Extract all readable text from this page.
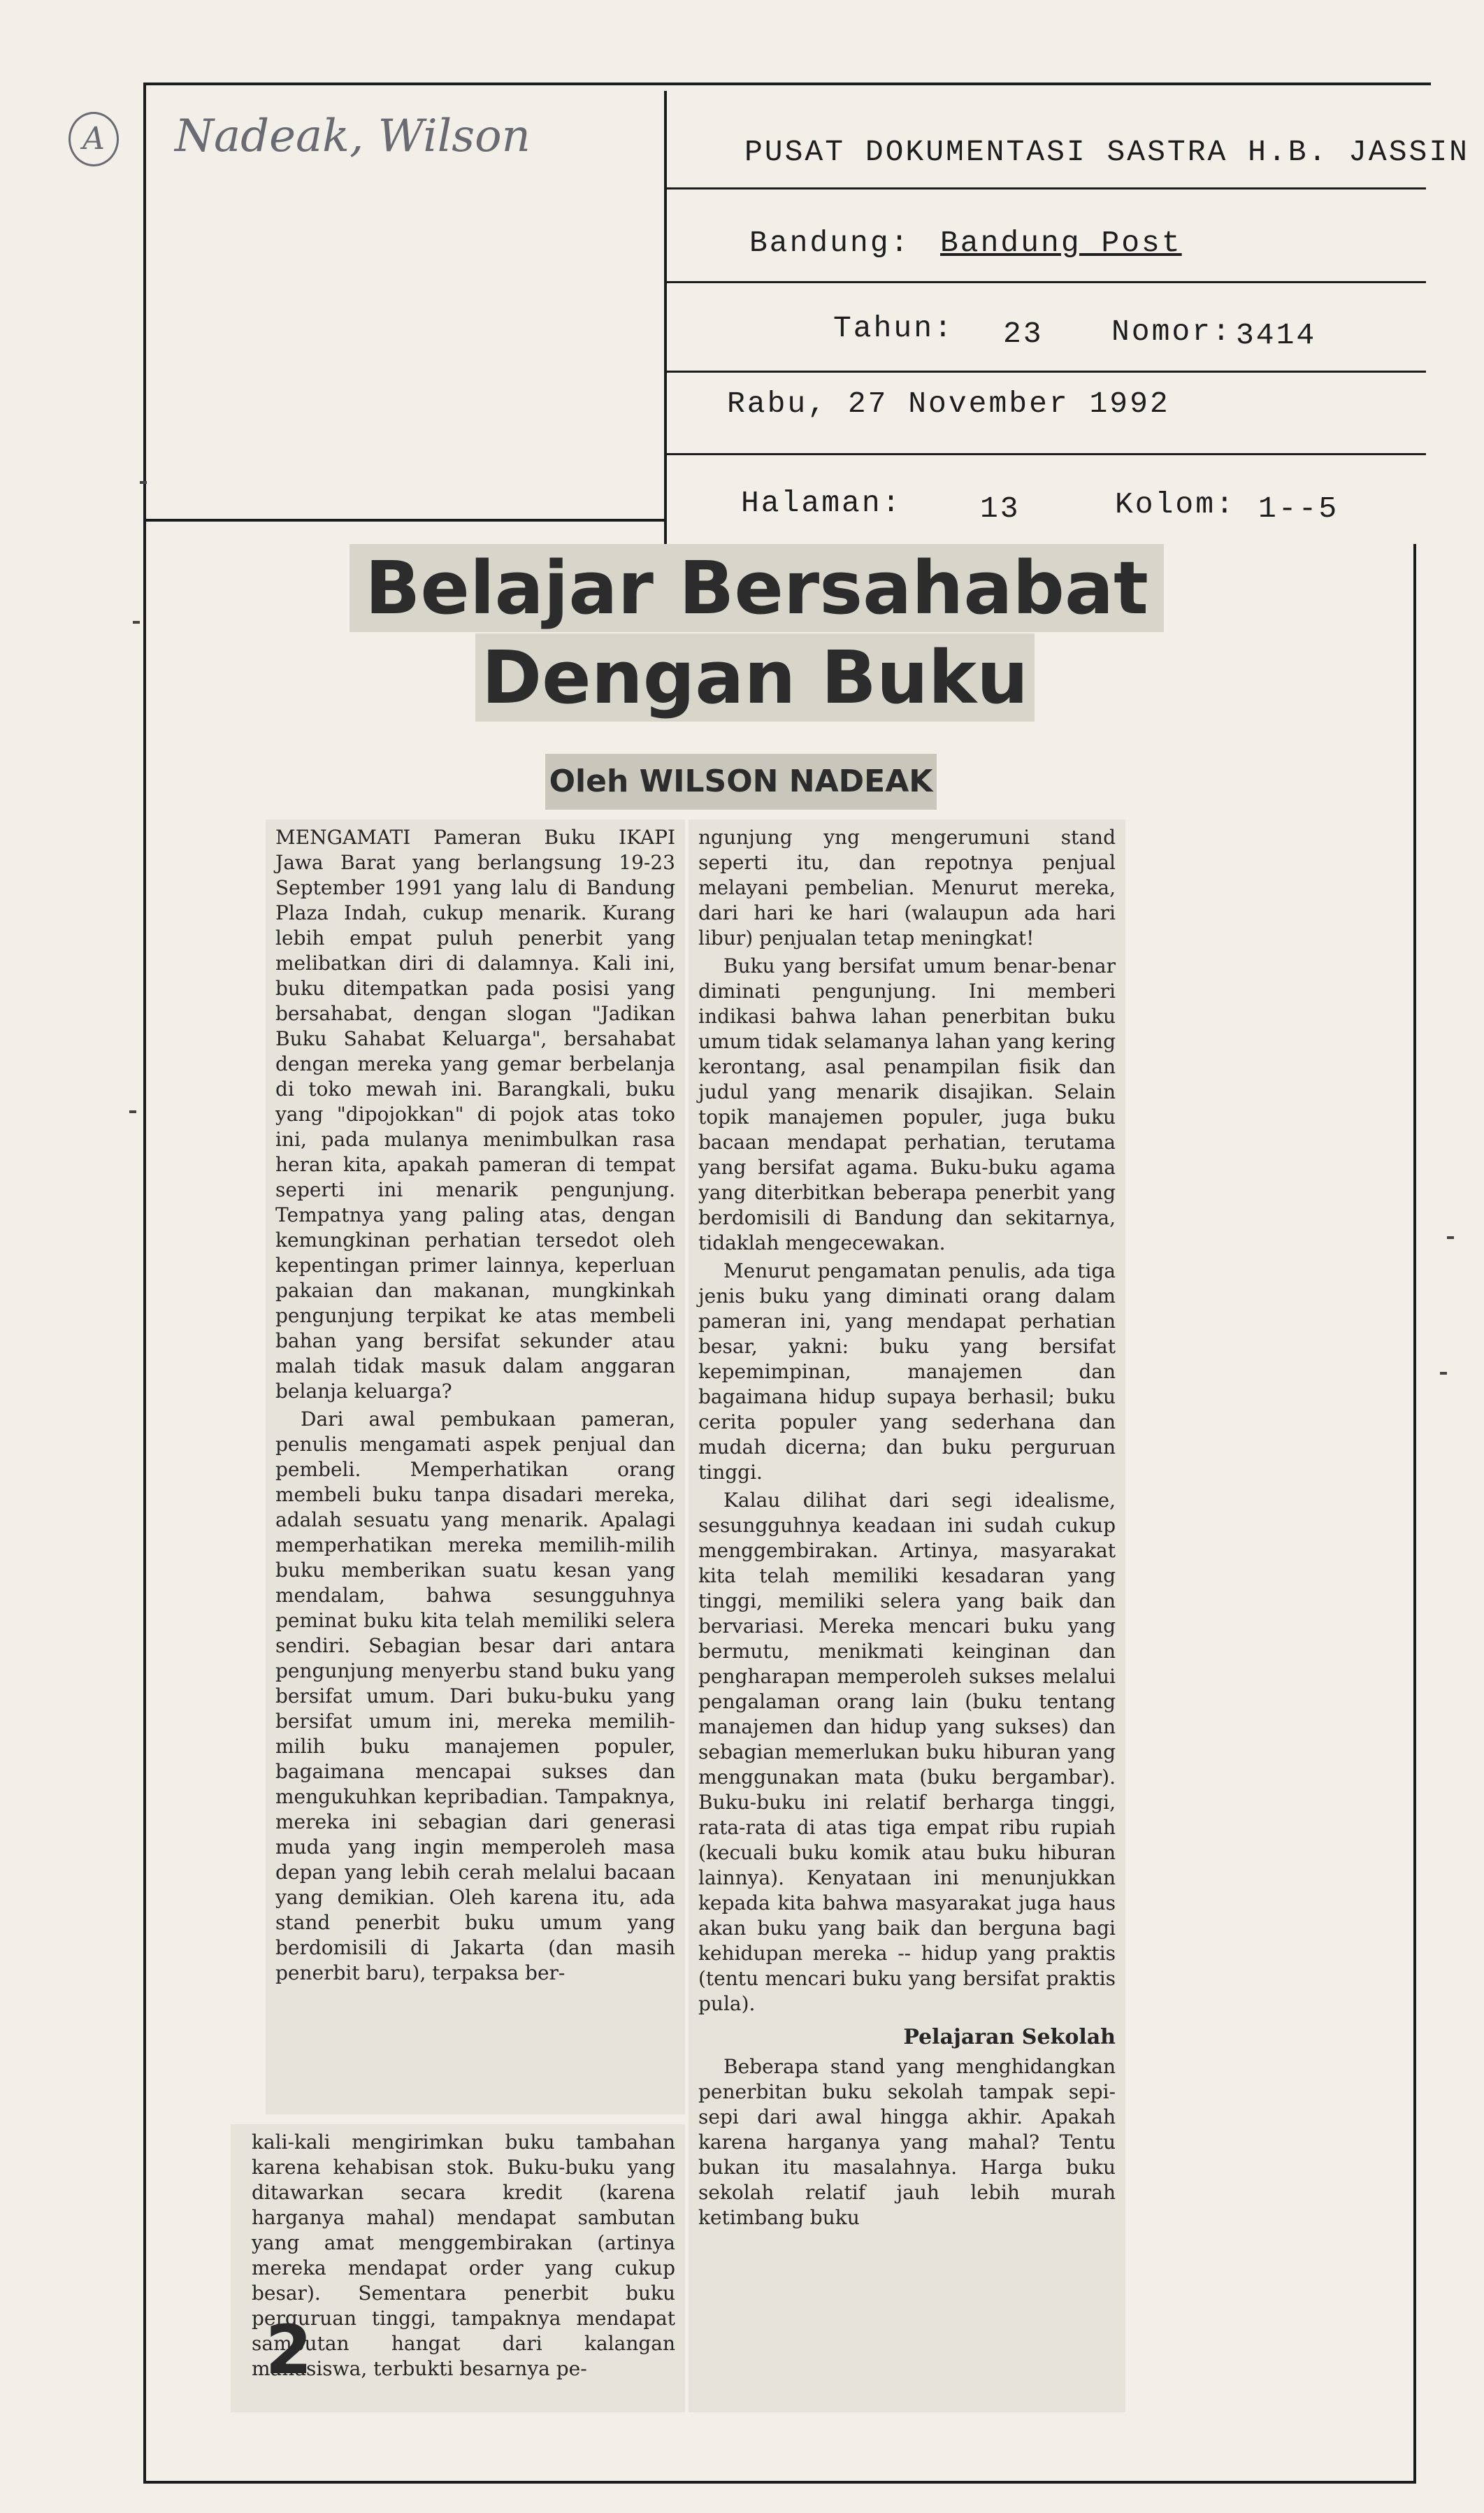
A	Nadeak, Wilson	PUSAT DOKUMENTASI SASTRA H.B. JASSIN
Bandung: Bandung Post
Tahun: 23 Nomor: 3414
Rabu, 27 November 1992
Halaman:	13	Kolom: 1--5
Belajar Bersahabat
Dengan Buku
Oleh WILSON NADEAK

MENGAMATI Pameran Buku IKAPI Jawa Barat yang berlangsung 19-23 September 1991 yang lalu di Bandung Plaza Indah, cukup menarik. Kurang lebih empat puluh penerbit yang melibatkan diri di dalamnya. Kali ini, buku ditempatkan pada posisi yang bersahabat, dengan slogan "Jadikan Buku Sahabat Keluarga", bersahabat dengan mereka yang gemar berbelanja di toko mewah ini. Barangkali, buku yang "dipojokkan" di pojok atas toko ini, pada mulanya menimbulkan rasa heran kita, apakah pameran di tempat seperti ini menarik pengunjung. Tempatnya yang paling atas, dengan kemungkinan perhatian tersedot oleh kepentingan primer lainnya, keperluan pakaian dan makanan, mungkinkah pengunjung terpikat ke atas membeli bahan yang bersifat sekunder atau malah tidak masuk dalam anggaran belanja keluarga?

Dari awal pembukaan pameran, penulis mengamati aspek penjual dan pembeli. Memperhatikan orang membeli buku tanpa disadari mereka, adalah sesuatu yang menarik. Apalagi memperhatikan mereka memilih-milih buku memberikan suatu kesan yang mendalam, bahwa sesungguhnya peminat buku kita telah memiliki selera sendiri. Sebagian besar dari antara pengunjung menyerbu stand buku yang bersifat umum. Dari buku-buku yang bersifat umum ini, mereka memilih-milih buku manajemen populer, bagaimana mencapai sukses dan mengukuhkan kepribadian. Tampaknya, mereka ini sebagian dari generasi muda yang ingin memperoleh masa depan yang lebih cerah melalui bacaan yang demikian. Oleh karena itu, ada stand penerbit buku umum yang berdomisili di Jakarta (dan masih penerbit baru), terpaksa ber-

kali-kali mengirimkan buku tambahan karena kehabisan stok. Buku-buku yang ditawarkan secara kredit (karena harganya mahal) mendapat sambutan yang amat menggembirakan (artinya mereka mendapat order yang cukup besar). Sementara penerbit buku perguruan tinggi, tampaknya mendapat sambutan hangat dari kalangan mahasiswa, terbukti besarnya pe-

2

ngunjung yng mengerumuni stand seperti itu, dan repotnya penjual melayani pembelian. Menurut mereka, dari hari ke hari (walaupun ada hari libur) penjualan tetap meningkat!

Buku yang bersifat umum benar-benar diminati pengunjung. Ini memberi indikasi bahwa lahan penerbitan buku umum tidak selamanya lahan yang kering kerontang, asal penampilan fisik dan judul yang menarik disajikan. Selain topik manajemen populer, juga buku bacaan mendapat perhatian, terutama yang bersifat agama. Buku-buku agama yang diterbitkan beberapa penerbit yang berdomisili di Bandung dan sekitarnya, tidaklah mengecewakan.

Menurut pengamatan penulis, ada tiga jenis buku yang diminati orang dalam pameran ini, yang mendapat perhatian besar, yakni: buku yang bersifat kepemimpinan, manajemen dan bagaimana hidup supaya berhasil; buku cerita populer yang sederhana dan mudah dicerna; dan buku perguruan tinggi.

Kalau dilihat dari segi idealisme, sesungguhnya keadaan ini sudah cukup menggembirakan. Artinya, masyarakat kita telah memiliki kesadaran yang tinggi, memiliki selera yang baik dan bervariasi. Mereka mencari buku yang bermutu, menikmati keinginan dan pengharapan memperoleh sukses melalui pengalaman orang lain (buku tentang manajemen dan hidup yang sukses) dan sebagian memerlukan buku hiburan yang menggunakan mata (buku bergambar). Buku-buku ini relatif berharga tinggi, rata-rata di atas tiga empat ribu rupiah (kecuali buku komik atau buku hiburan lainnya). Kenyataan ini menunjukkan kepada kita bahwa masyarakat juga haus akan buku yang baik dan berguna bagi kehidupan mereka -- hidup yang praktis (tentu mencari buku yang bersifat praktis pula).

Pelajaran Sekolah

Beberapa stand yang menghidangkan penerbitan buku sekolah tampak sepi-sepi dari awal hingga akhir. Apakah karena harganya yang mahal? Tentu bukan itu masalahnya. Harga buku sekolah relatif jauh lebih murah ketimbang buku
